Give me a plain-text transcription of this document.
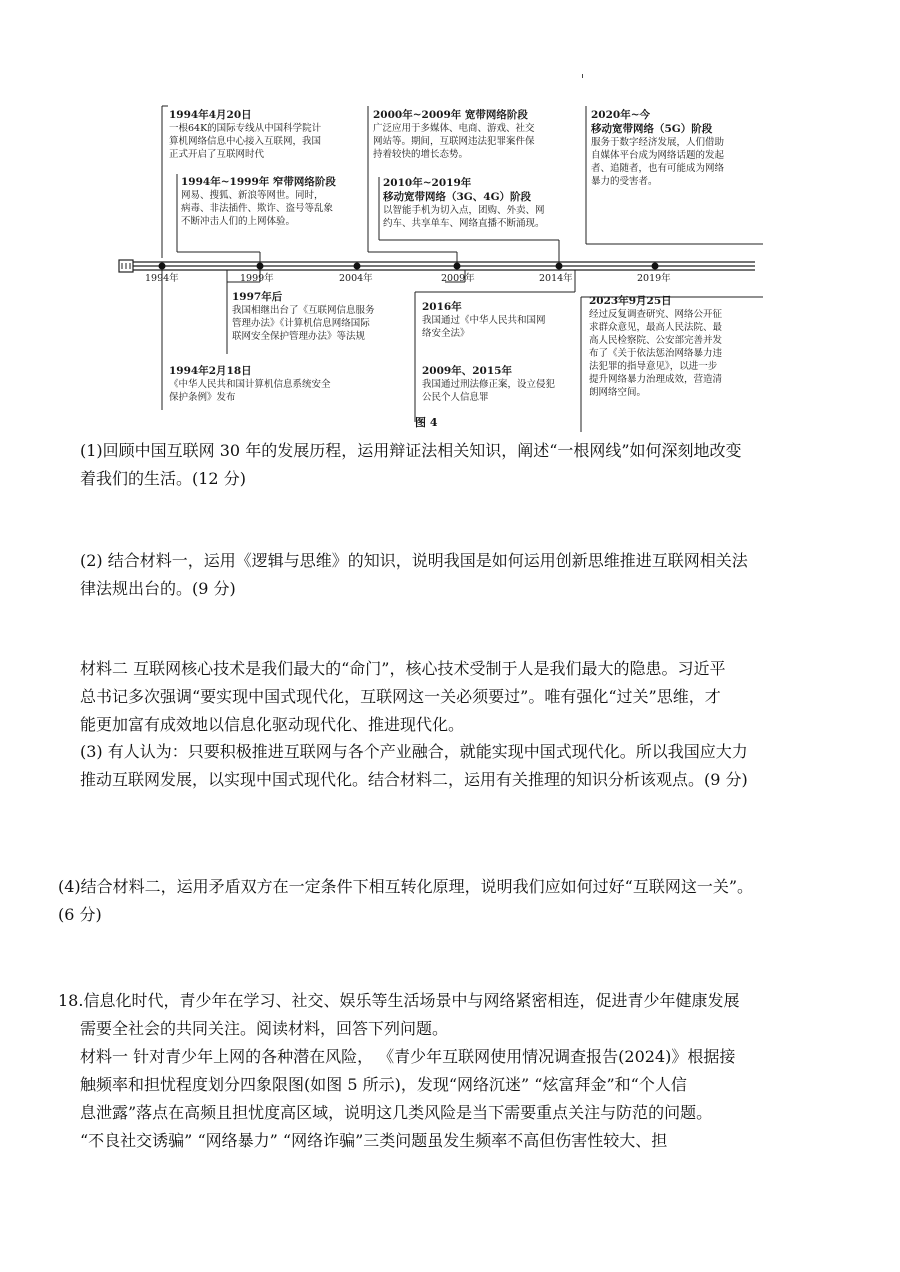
1994年	1999年	2004年	2009年	2014年	2019年
1994年4月20日
一根64K的国际专线从中国科学院计
算机网络信息中心接入互联网，我国
正式开启了互联网时代
1994年~1999年 窄带网络阶段
网易、搜狐、新浪等网世。同时，
病毒、非法插件、欺诈、盗号等乱象
不断冲击人们的上网体验。
2000年~2009年 宽带网络阶段
广泛应用于多媒体、电商、游戏、社交
网站等。期间，互联网违法犯罪案件保
持着较快的增长态势。
2010年~2019年
移动宽带网络（3G、4G）阶段
以智能手机为切入点，团购、外卖、网
约车、共享单车、网络直播不断涌现。
2020年~今
移动宽带网络（5G）阶段
服务于数字经济发展，人们借助
自媒体平台成为网络话题的发起
者、追随者，也有可能成为网络
暴力的受害者。
1997年后
我国相继出台了《互联网信息服务
管理办法》《计算机信息网络国际
联网安全保护管理办法》等法规
1994年2月18日
《中华人民共和国计算机信息系统安全
保护条例》发布
2016年
我国通过《中华人民共和国网
络安全法》
2009年、2015年
我国通过刑法修正案，设立侵犯
公民个人信息罪
2023年9月25日
经过反复调查研究、网络公开征
求群众意见，最高人民法院、最
高人民检察院、公安部完善并发
布了《关于依法惩治网络暴力违
法犯罪的指导意见》，以进一步
提升网络暴力治理成效，营造清
朗网络空间。
图 4
(1)回顾中国互联网 30 年的发展历程，运用辩证法相关知识，阐述“一根网线”如何深刻地改变
着我们的生活。(12 分)
(2) 结合材料一，运用《逻辑与思维》的知识，说明我国是如何运用创新思维推进互联网相关法
律法规出台的。(9 分)
材料二 互联网核心技术是我们最大的“命门”，核心技术受制于人是我们最大的隐患。习近平
总书记多次强调“要实现中国式现代化，互联网这一关必须要过”。唯有强化“过关”思维，才
能更加富有成效地以信息化驱动现代化、推进现代化。
(3) 有人认为：只要积极推进互联网与各个产业融合，就能实现中国式现代化。所以我国应大力
推动互联网发展，以实现中国式现代化。结合材料二，运用有关推理的知识分析该观点。(9 分)
(4)结合材料二，运用矛盾双方在一定条件下相互转化原理，说明我们应如何过好“互联网这一关”。
(6 分)
18.信息化时代，青少年在学习、社交、娱乐等生活场景中与网络紧密相连，促进青少年健康发展
需要全社会的共同关注。阅读材料，回答下列问题。
材料一 针对青少年上网的各种潜在风险， 《青少年互联网使用情况调查报告(2024)》根据接
触频率和担忧程度划分四象限图(如图 5 所示)，发现“网络沉迷” “炫富拜金”和“个人信
息泄露”落点在高频且担忧度高区域，说明这几类风险是当下需要重点关注与防范的问题。
“不良社交诱骗” “网络暴力” “网络诈骗”三类问题虽发生频率不高但伤害性较大、担
